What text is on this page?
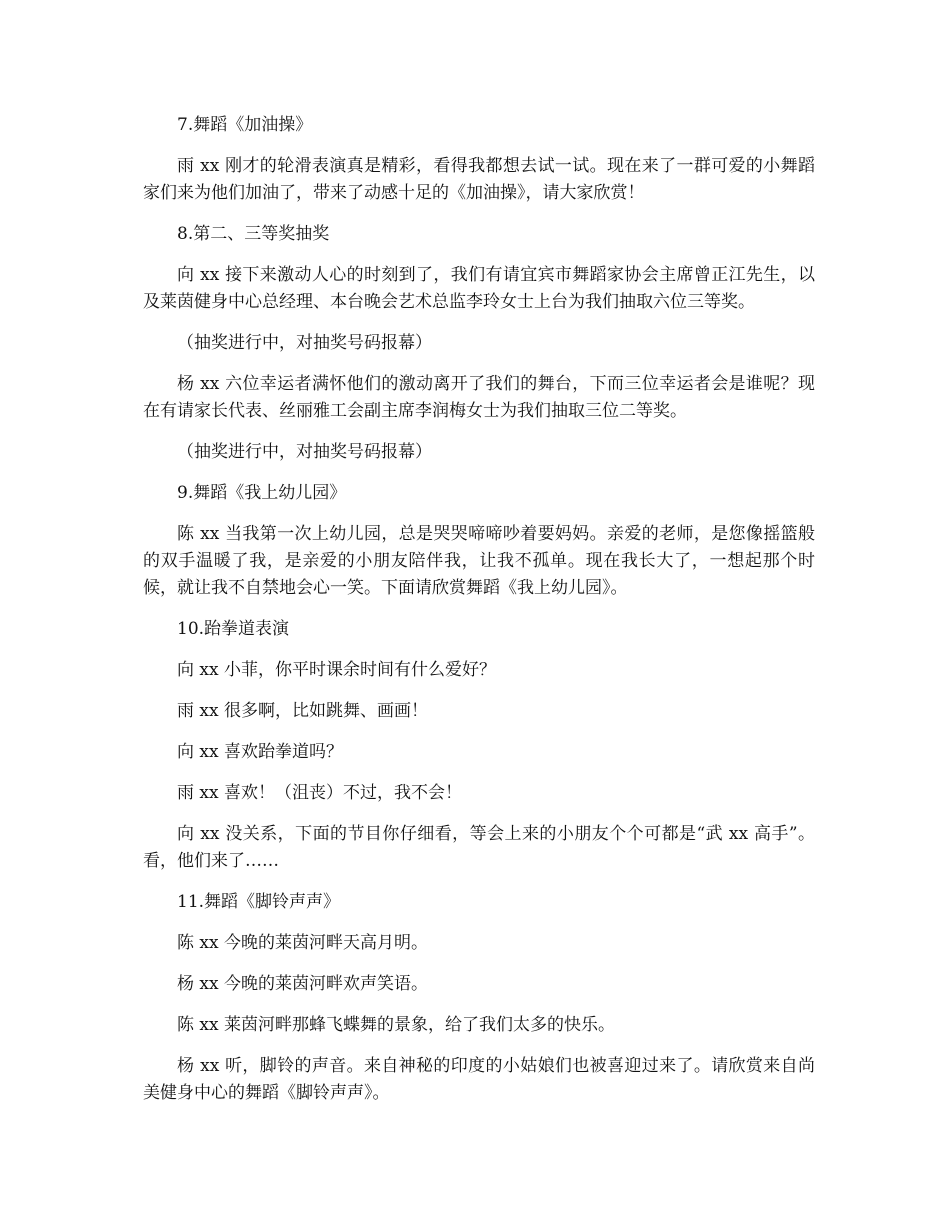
7.舞蹈《加油操》

雨 xx 刚才的轮滑表演真是精彩，看得我都想去试一试。现在来了一群可爱的小舞蹈家们来为他们加油了，带来了动感十足的《加油操》，请大家欣赏！

8.第二、三等奖抽奖

向 xx 接下来激动人心的时刻到了，我们有请宜宾市舞蹈家协会主席曾正江先生，以及莱茵健身中心总经理、本台晚会艺术总监李玲女士上台为我们抽取六位三等奖。

（抽奖进行中，对抽奖号码报幕）

杨 xx 六位幸运者满怀他们的激动离开了我们的舞台，下而三位幸运者会是谁呢？现在有请家长代表、丝丽雅工会副主席李润梅女士为我们抽取三位二等奖。

（抽奖进行中，对抽奖号码报幕）

9.舞蹈《我上幼儿园》

陈 xx 当我第一次上幼儿园，总是哭哭啼啼吵着要妈妈。亲爱的老师，是您像摇篮般的双手温暖了我，是亲爱的小朋友陪伴我，让我不孤单。现在我长大了，一想起那个时候，就让我不自禁地会心一笑。下面请欣赏舞蹈《我上幼儿园》。

10.跆拳道表演

向 xx 小菲，你平时课余时间有什么爱好？

雨 xx 很多啊，比如跳舞、画画！

向 xx 喜欢跆拳道吗？

雨 xx 喜欢！（沮丧）不过，我不会！

向 xx 没关系，下面的节目你仔细看，等会上来的小朋友个个可都是“武 xx 高手”。看，他们来了……

11.舞蹈《脚铃声声》

陈 xx 今晚的莱茵河畔天高月明。

杨 xx 今晚的莱茵河畔欢声笑语。

陈 xx 莱茵河畔那蜂飞蝶舞的景象，给了我们太多的快乐。

杨 xx 听，脚铃的声音。来自神秘的印度的小姑娘们也被喜迎过来了。请欣赏来自尚美健身中心的舞蹈《脚铃声声》。
